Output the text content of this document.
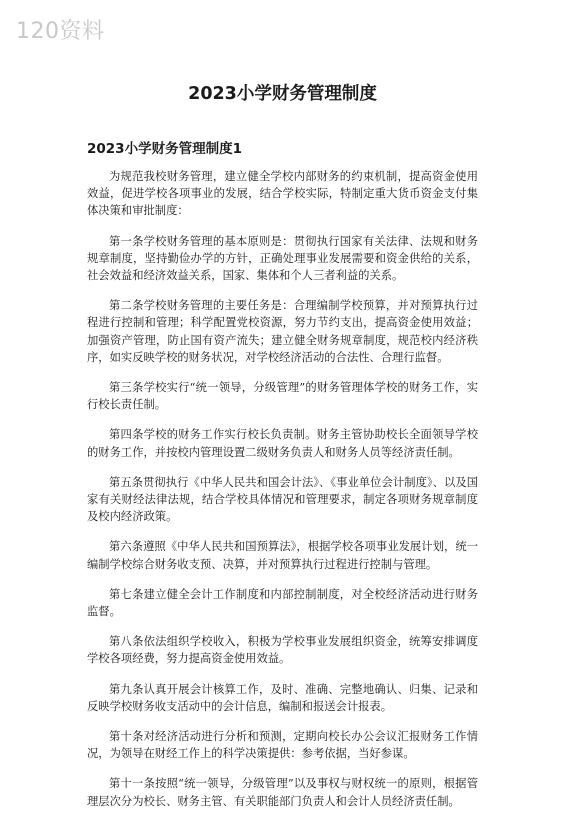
120资料
2023小学财务管理制度
2023小学财务管理制度1

为规范我校财务管理，建立健全学校内部财务的约束机制，提高资金使用效益，促进学校各项事业的发展，结合学校实际，特制定重大货币资金支付集体决策和审批制度：

第一条学校财务管理的基本原则是：贯彻执行国家有关法律、法规和财务规章制度，坚持勤俭办学的方针，正确处理事业发展需要和资金供给的关系，社会效益和经济效益关系，国家、集体和个人三者利益的关系。

第二条学校财务管理的主要任务是：合理编制学校预算，并对预算执行过程进行控制和管理；科学配置党校资源，努力节约支出，提高资金使用效益；加强资产管理，防止国有资产流失；建立健全财务规章制度，规范校内经济秩序，如实反映学校的财务状况，对学校经济活动的合法性、合理行监督。

第三条学校实行“统一领导，分级管理”的财务管理体学校的财务工作，实行校长责任制。

第四条学校的财务工作实行校长负责制。财务主管协助校长全面领导学校的财务工作，并按校内管理设置二级财务负责人和财务人员等经济责任制。

第五条贯彻执行《中华人民共和国会计法》、《事业单位会计制度》、以及国家有关财经法律法规，结合学校具体情况和管理要求，制定各项财务规章制度及校内经济政策。

第六条遵照《中华人民共和国预算法》，根据学校各项事业发展计划，统一编制学校综合财务收支预、决算，并对预算执行过程进行控制与管理。

第七条建立健全会计工作制度和内部控制制度，对全校经济活动进行财务监督。

第八条依法组织学校收入，积极为学校事业发展组织资金，统筹安排调度学校各项经费，努力提高资金使用效益。

第九条认真开展会计核算工作，及时、准确、完整地确认、归集、记录和反映学校财务收支活动中的会计信息，编制和报送会计报表。

第十条对经济活动进行分析和预测，定期向校长办公会议汇报财务工作情况，为领导在财经工作上的科学决策提供：参考依据，当好参谋。

第十一条按照“统一领导，分级管理”以及事权与财权统一的原则，根据管理层次分为校长、财务主管、有关职能部门负责人和会计人员经济责任制。
